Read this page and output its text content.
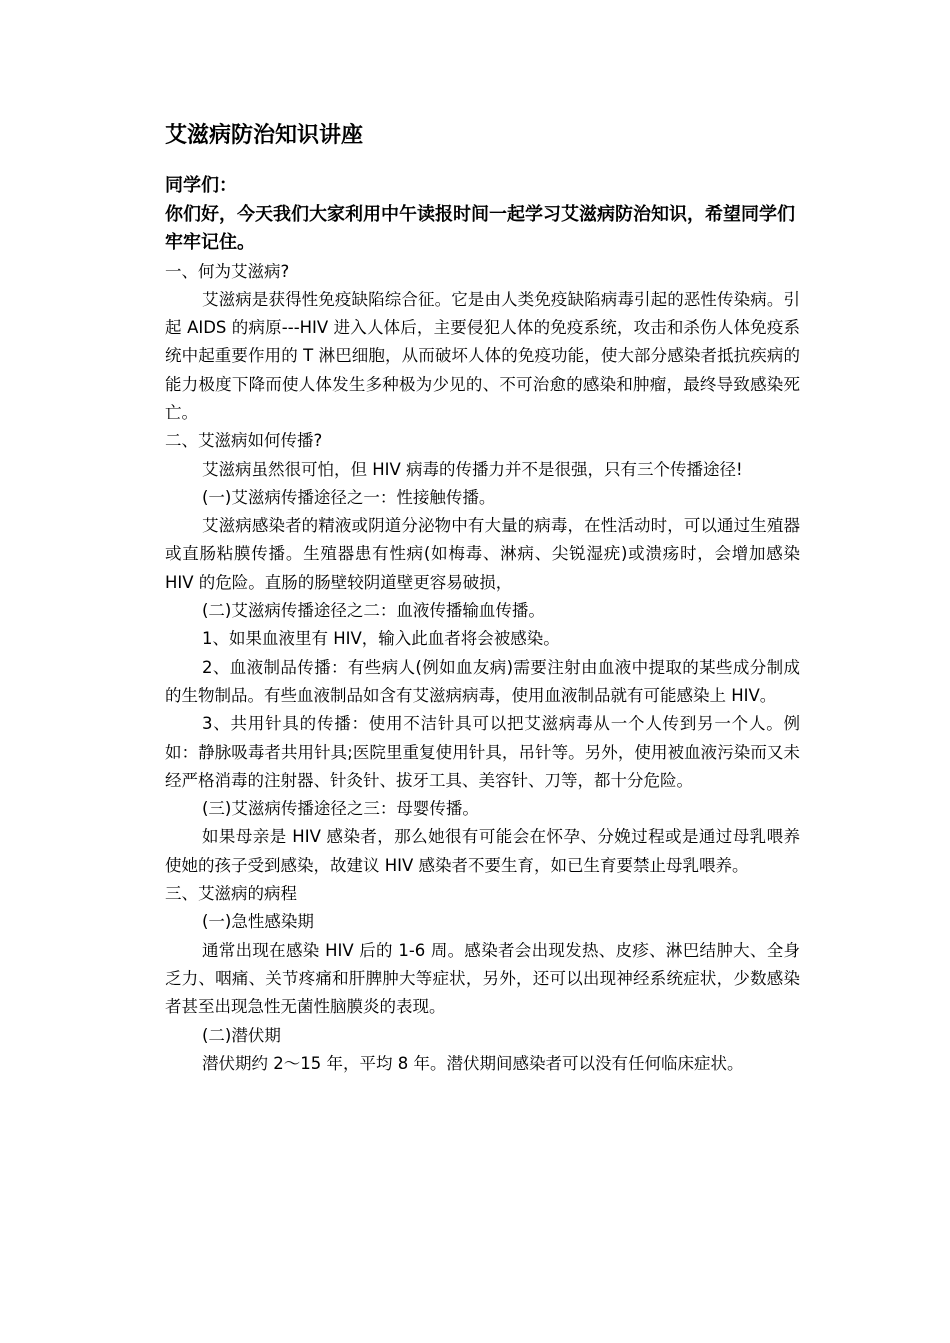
艾滋病防治知识讲座

同学们：

你们好，今天我们大家利用中午读报时间一起学习艾滋病防治知识，希望同学们牢牢记住。

一、何为艾滋病?

艾滋病是获得性免疫缺陷综合征。它是由人类免疫缺陷病毒引起的恶性传染病。引起 AIDS 的病原---HIV 进入人体后，主要侵犯人体的免疫系统，攻击和杀伤人体免疫系统中起重要作用的 T 淋巴细胞，从而破坏人体的免疫功能，使大部分感染者抵抗疾病的能力极度下降而使人体发生多种极为少见的、不可治愈的感染和肿瘤，最终导致感染死亡。

二、艾滋病如何传播?

艾滋病虽然很可怕，但 HIV 病毒的传播力并不是很强，只有三个传播途径!

(一)艾滋病传播途径之一：性接触传播。

艾滋病感染者的精液或阴道分泌物中有大量的病毒，在性活动时，可以通过生殖器或直肠粘膜传播。生殖器患有性病(如梅毒、淋病、尖锐湿疣)或溃疡时，会增加感染 HIV 的危险。直肠的肠壁较阴道壁更容易破损，

(二)艾滋病传播途径之二：血液传播输血传播。

1、如果血液里有 HIV，输入此血者将会被感染。

2、血液制品传播：有些病人(例如血友病)需要注射由血液中提取的某些成分制成的生物制品。有些血液制品如含有艾滋病病毒，使用血液制品就有可能感染上 HIV。

3、共用针具的传播：使用不洁针具可以把艾滋病毒从一个人传到另一个人。例如：静脉吸毒者共用针具;医院里重复使用针具，吊针等。另外，使用被血液污染而又未经严格消毒的注射器、针灸针、拔牙工具、美容针、刀等，都十分危险。

(三)艾滋病传播途径之三：母婴传播。

如果母亲是 HIV 感染者，那么她很有可能会在怀孕、分娩过程或是通过母乳喂养使她的孩子受到感染，故建议 HIV 感染者不要生育，如已生育要禁止母乳喂养。

三、艾滋病的病程

(一)急性感染期

通常出现在感染 HIV 后的 1-6 周。感染者会出现发热、皮疹、淋巴结肿大、全身乏力、咽痛、关节疼痛和肝脾肿大等症状，另外，还可以出现神经系统症状，少数感染者甚至出现急性无菌性脑膜炎的表现。

(二)潜伏期

潜伏期约 2～15 年，平均 8 年。潜伏期间感染者可以没有任何临床症状。
